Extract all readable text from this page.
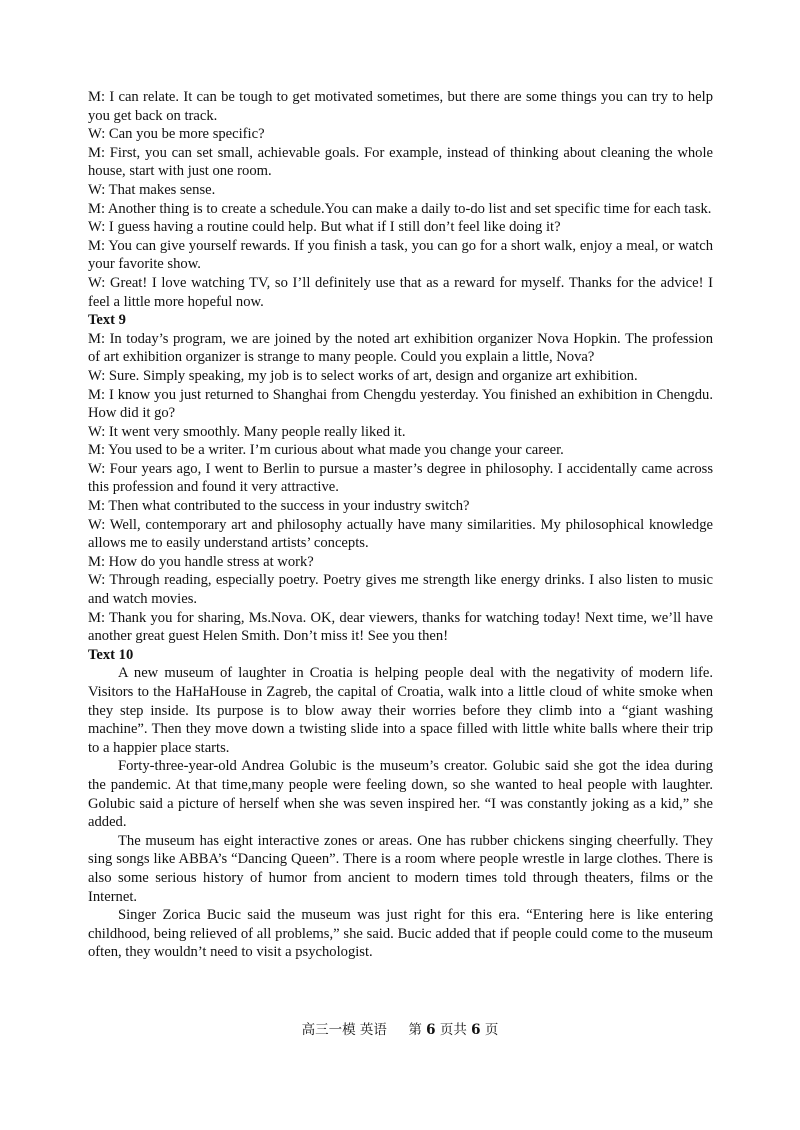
M: I can relate. It can be tough to get motivated sometimes, but there are some things you can try to help you get back on track.

W: Can you be more specific?

M: First, you can set small, achievable goals. For example, instead of thinking about cleaning the whole house, start with just one room.

W: That makes sense.

M: Another thing is to create a schedule.You can make a daily to-do list and set specific time for each task.

W: I guess having a routine could help. But what if I still don’t feel like doing it?

M: You can give yourself rewards. If you finish a task, you can go for a short walk, enjoy a meal, or watch your favorite show.

W: Great! I love watching TV, so I’ll definitely use that as a reward for myself. Thanks for the advice! I feel a little more hopeful now.

Text 9

M: In today’s program, we are joined by the noted art exhibition organizer Nova Hopkin. The profession of art exhibition organizer is strange to many people. Could you explain a little, Nova?

W: Sure. Simply speaking, my job is to select works of art, design and organize art exhibition.

M: I know you just returned to Shanghai from Chengdu yesterday. You finished an exhibition in Chengdu. How did it go?

W: It went very smoothly. Many people really liked it.

M: You used to be a writer. I’m curious about what made you change your career.

W: Four years ago, I went to Berlin to pursue a master’s degree in philosophy. I accidentally came across this profession and found it very attractive.

M: Then what contributed to the success in your industry switch?

W: Well, contemporary art and philosophy actually have many similarities. My philosophical knowledge allows me to easily understand artists’ concepts.

M: How do you handle stress at work?

W: Through reading, especially poetry. Poetry gives me strength like energy drinks. I also listen to music and watch movies.

M: Thank you for sharing, Ms.Nova. OK, dear viewers, thanks for watching today! Next time, we’ll have another great guest Helen Smith. Don’t miss it! See you then!

Text 10

A new museum of laughter in Croatia is helping people deal with the negativity of modern life. Visitors to the HaHaHouse in Zagreb, the capital of Croatia, walk into a little cloud of white smoke when they step inside. Its purpose is to blow away their worries before they climb into a “giant washing machine”. Then they move down a twisting slide into a space filled with little white balls where their trip to a happier place starts.

Forty-three-year-old Andrea Golubic is the museum’s creator. Golubic said she got the idea during the pandemic. At that time,many people were feeling down, so she wanted to heal people with laughter. Golubic said a picture of herself when she was seven inspired her. “I was constantly joking as a kid,” she added.

The museum has eight interactive zones or areas. One has rubber chickens singing cheerfully. They sing songs like ABBA’s “Dancing Queen”. There is a room where people wrestle in large clothes. There is also some serious history of humor from ancient to modern times told through theaters, films or the Internet.

Singer Zorica Bucic said the museum was just right for this era. “Entering here is like entering childhood, being relieved of all problems,” she said. Bucic added that if people could come to the museum often, they wouldn’t need to visit a psychologist.

高三一模 英语 第 6 页共 6 页
